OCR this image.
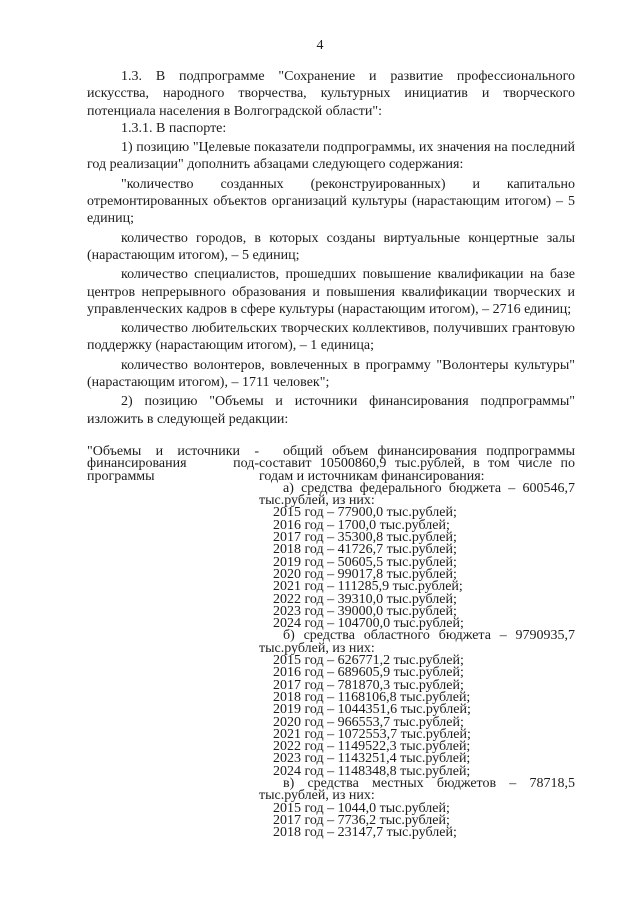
4

1.3. В подпрограмме "Сохранение и развитие профессионального искусства, народного творчества, культурных инициатив и творческого потенциала населения в Волгоградской области":

1.3.1. В паспорте:

1) позицию "Целевые показатели подпрограммы, их значения на последний год реализации" дополнить абзацами следующего содержания:

"количество созданных (реконструированных) и капитально отремонтированных объектов организаций культуры (нарастающим итогом) – 5 единиц;

количество городов, в которых созданы виртуальные концертные залы (нарастающим итогом), – 5 единиц;

количество специалистов, прошедших повышение квалификации на базе центров непрерывного образования и повышения квалификации творческих и управленческих кадров в сфере культуры (нарастающим итогом), – 2716 единиц;

количество любительских творческих коллективов, получивших грантовую поддержку (нарастающим итогом), – 1 единица;

количество волонтеров, вовлеченных в программу "Волонтеры культуры" (нарастающим итогом), – 1711 человек";

2) позицию "Объемы и источники финансирования подпрограммы" изложить в следующей редакции:

"Объемы и источники - финансирования под- программы
общий объем финансирования подпрограммы составит 10500860,9 тыс.рублей, в том числе по годам и источникам финансирования:
а) средства федерального бюджета – 600546,7 тыс.рублей, из них:
2015 год – 77900,0 тыс.рублей;
2016 год – 1700,0 тыс.рублей;
2017 год – 35300,8 тыс.рублей;
2018 год – 41726,7 тыс.рублей;
2019 год – 50605,5 тыс.рублей;
2020 год – 99017,8 тыс.рублей;
2021 год – 111285,9 тыс.рублей;
2022 год – 39310,0 тыс.рублей;
2023 год – 39000,0 тыс.рублей;
2024 год – 104700,0 тыс.рублей;
б) средства областного бюджета – 9790935,7 тыс.рублей, из них:
2015 год – 626771,2 тыс.рублей;
2016 год – 689605,9 тыс.рублей;
2017 год – 781870,3 тыс.рублей;
2018 год – 1168106,8 тыс.рублей;
2019 год – 1044351,6 тыс.рублей;
2020 год – 966553,7 тыс.рублей;
2021 год – 1072553,7 тыс.рублей;
2022 год – 1149522,3 тыс.рублей;
2023 год – 1143251,4 тыс.рублей;
2024 год – 1148348,8 тыс.рублей;
в) средства местных бюджетов – 78718,5 тыс.рублей, из них:
2015 год – 1044,0 тыс.рублей;
2017 год – 7736,2 тыс.рублей;
2018 год – 23147,7 тыс.рублей;
